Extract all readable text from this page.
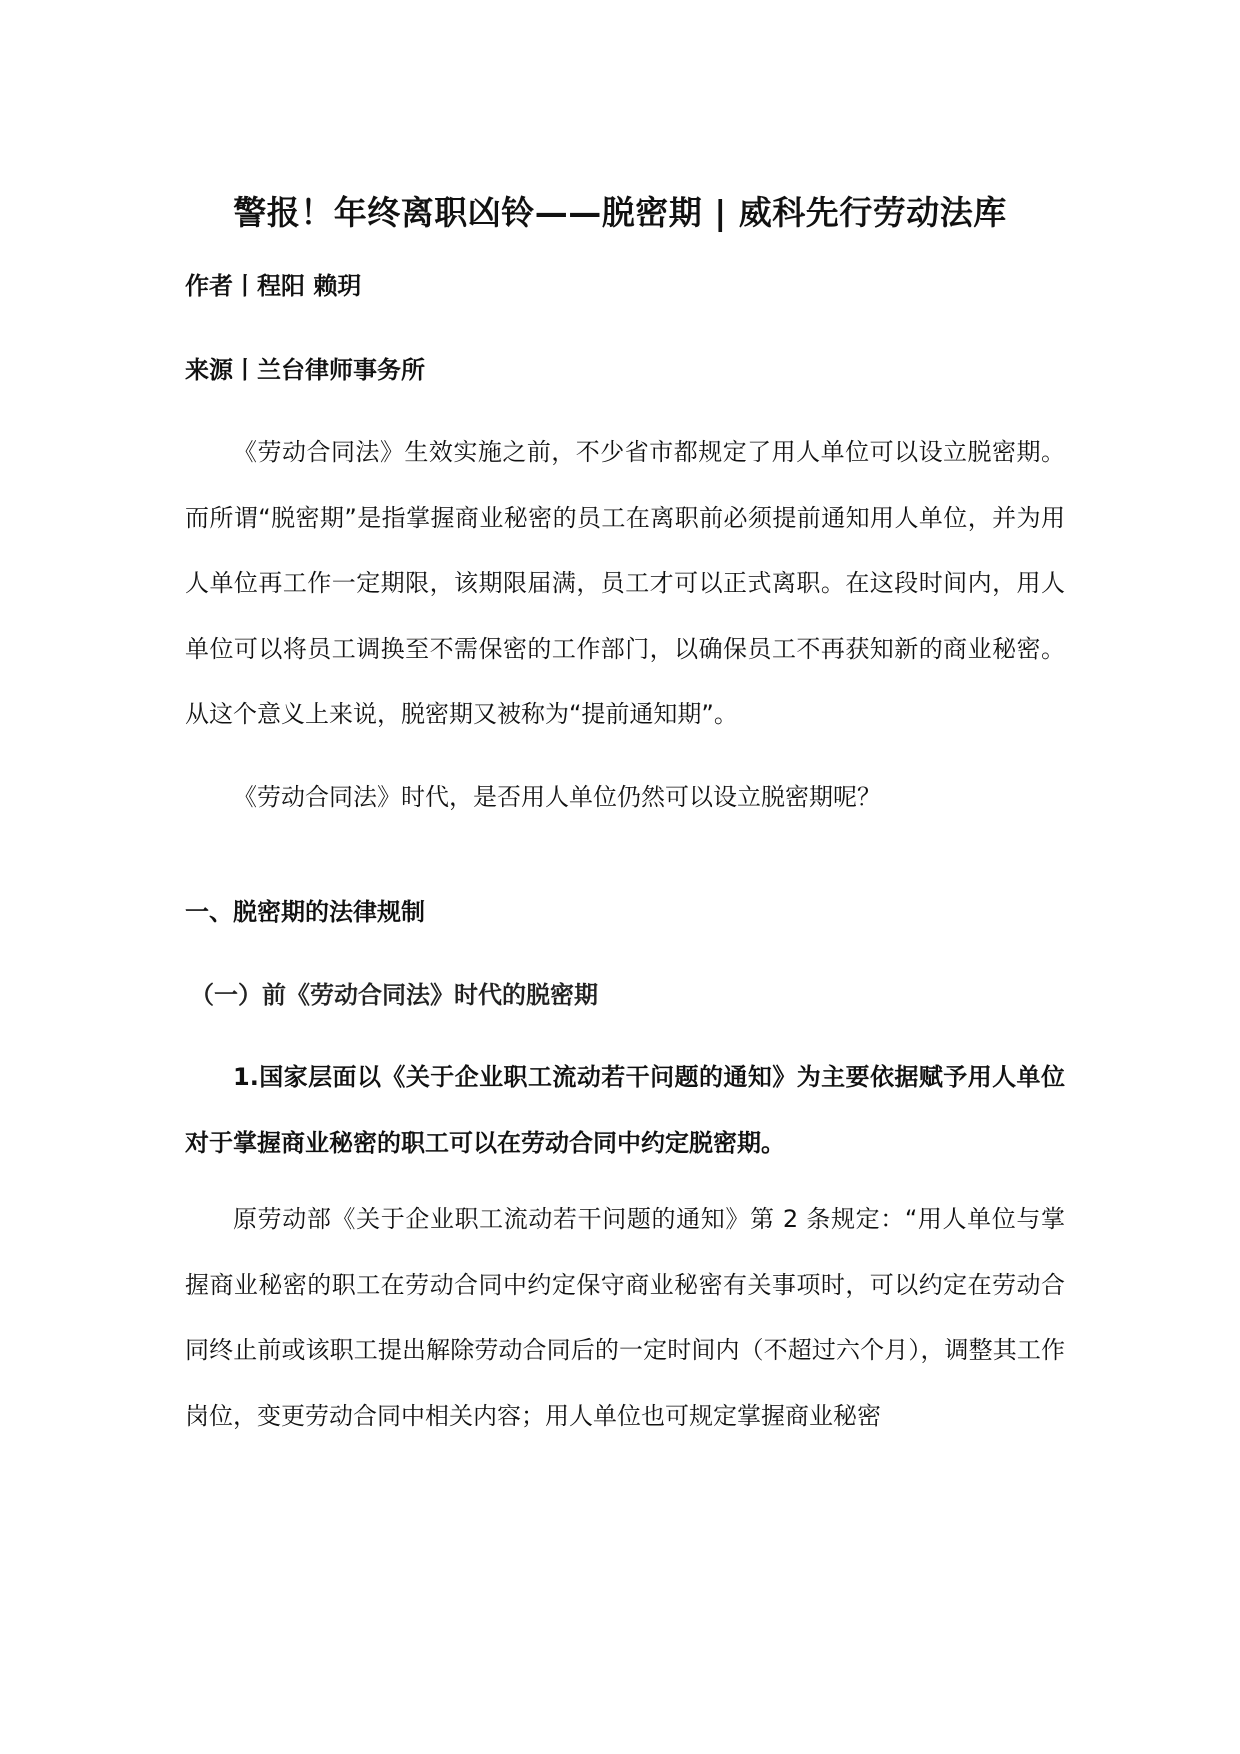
警报！年终离职凶铃——脱密期 | 威科先行劳动法库
作者丨程阳 赖玥
来源丨兰台律师事务所

《劳动合同法》生效实施之前，不少省市都规定了用人单位可以设立脱密期。而所谓“脱密期”是指掌握商业秘密的员工在离职前必须提前通知用人单位，并为用人单位再工作一定期限，该期限届满，员工才可以正式离职。在这段时间内，用人单位可以将员工调换至不需保密的工作部门，以确保员工不再获知新的商业秘密。从这个意义上来说，脱密期又被称为“提前通知期”。

《劳动合同法》时代，是否用人单位仍然可以设立脱密期呢？

一、脱密期的法律规制
（一）前《劳动合同法》时代的脱密期

1.国家层面以《关于企业职工流动若干问题的通知》为主要依据赋予用人单位对于掌握商业秘密的职工可以在劳动合同中约定脱密期。

原劳动部《关于企业职工流动若干问题的通知》第 2 条规定：“用人单位与掌握商业秘密的职工在劳动合同中约定保守商业秘密有关事项时，可以约定在劳动合同终止前或该职工提出解除劳动合同后的一定时间内（不超过六个月），调整其工作岗位，变更劳动合同中相关内容；用人单位也可规定掌握商业秘密
